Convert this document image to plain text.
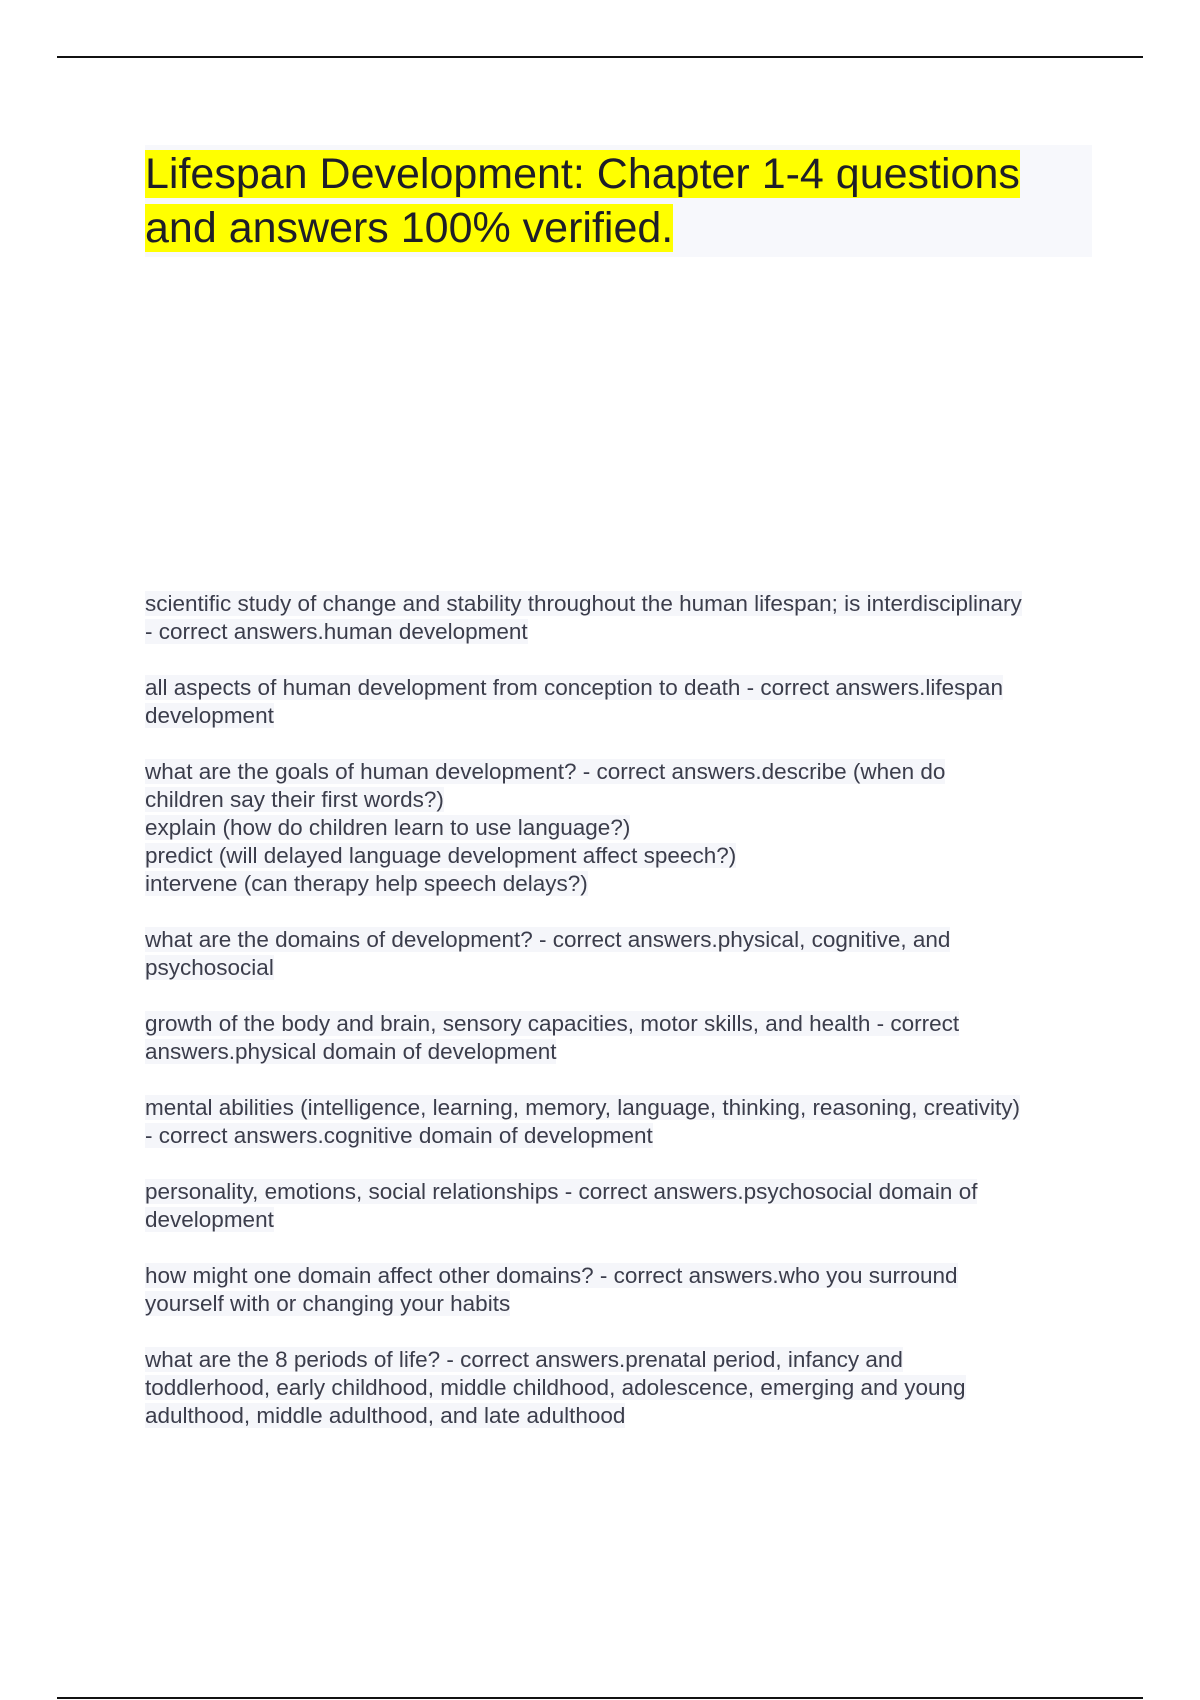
Lifespan Development: Chapter 1-4 questions and answers 100% verified.
scientific study of change and stability throughout the human lifespan; is interdisciplinary
- correct answers.human development
all aspects of human development from conception to death - correct answers.lifespan
development
what are the goals of human development? - correct answers.describe (when do
children say their first words?)
explain (how do children learn to use language?)
predict (will delayed language development affect speech?)
intervene (can therapy help speech delays?)
what are the domains of development? - correct answers.physical, cognitive, and
psychosocial
growth of the body and brain, sensory capacities, motor skills, and health - correct
answers.physical domain of development
mental abilities (intelligence, learning, memory, language, thinking, reasoning, creativity)
- correct answers.cognitive domain of development
personality, emotions, social relationships - correct answers.psychosocial domain of
development
how might one domain affect other domains? - correct answers.who you surround
yourself with or changing your habits
what are the 8 periods of life? - correct answers.prenatal period, infancy and
toddlerhood, early childhood, middle childhood, adolescence, emerging and young
adulthood, middle adulthood, and late adulthood
